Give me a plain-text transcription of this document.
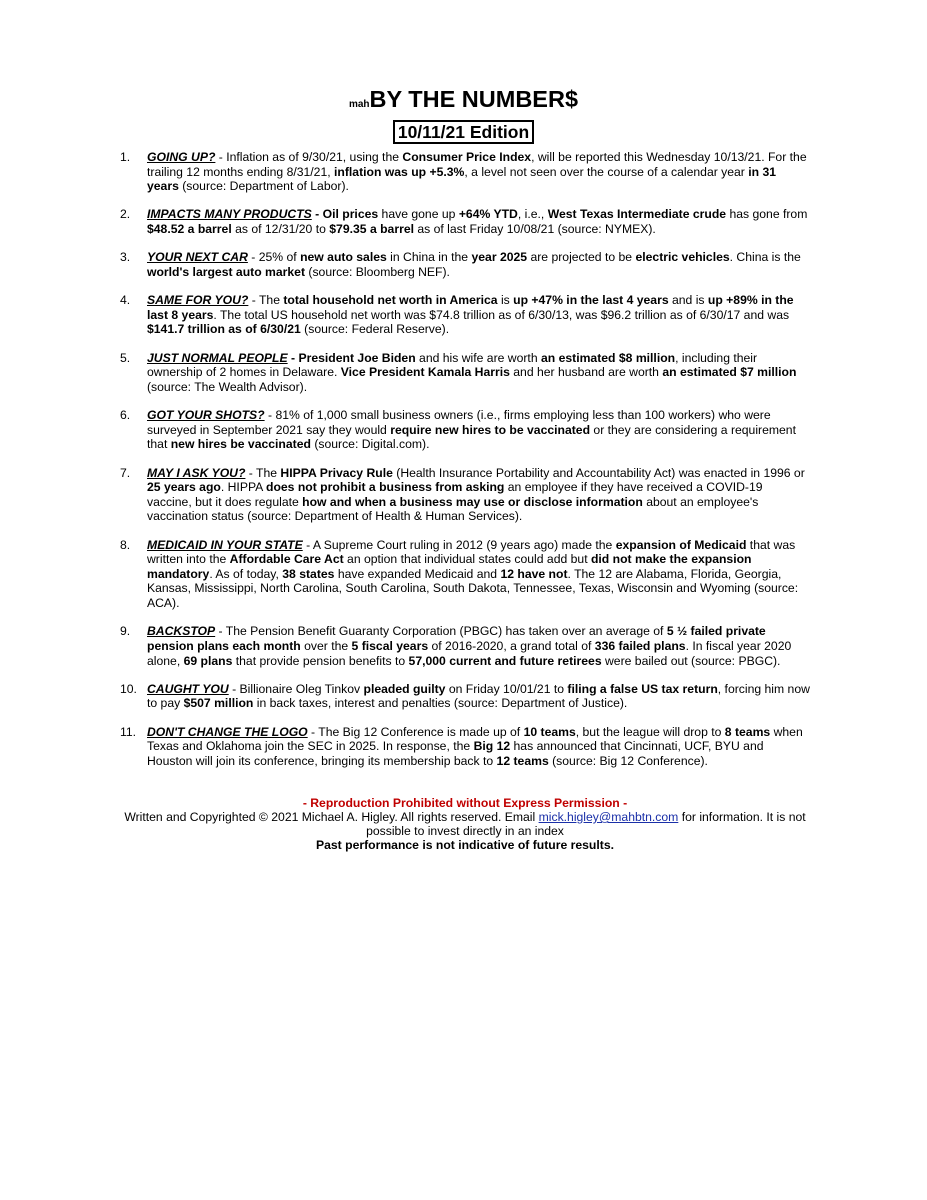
mahBY THE NUMBER$
10/11/21 Edition
1. GOING UP? - Inflation as of 9/30/21, using the Consumer Price Index, will be reported this Wednesday 10/13/21. For the trailing 12 months ending 8/31/21, inflation was up +5.3%, a level not seen over the course of a calendar year in 31 years (source: Department of Labor).
2. IMPACTS MANY PRODUCTS - Oil prices have gone up +64% YTD, i.e., West Texas Intermediate crude has gone from $48.52 a barrel as of 12/31/20 to $79.35 a barrel as of last Friday 10/08/21 (source: NYMEX).
3. YOUR NEXT CAR - 25% of new auto sales in China in the year 2025 are projected to be electric vehicles. China is the world's largest auto market (source: Bloomberg NEF).
4. SAME FOR YOU? - The total household net worth in America is up +47% in the last 4 years and is up +89% in the last 8 years. The total US household net worth was $74.8 trillion as of 6/30/13, was $96.2 trillion as of 6/30/17 and was $141.7 trillion as of 6/30/21 (source: Federal Reserve).
5. JUST NORMAL PEOPLE - President Joe Biden and his wife are worth an estimated $8 million, including their ownership of 2 homes in Delaware. Vice President Kamala Harris and her husband are worth an estimated $7 million (source: The Wealth Advisor).
6. GOT YOUR SHOTS? - 81% of 1,000 small business owners (i.e., firms employing less than 100 workers) who were surveyed in September 2021 say they would require new hires to be vaccinated or they are considering a requirement that new hires be vaccinated (source: Digital.com).
7. MAY I ASK YOU? - The HIPPA Privacy Rule (Health Insurance Portability and Accountability Act) was enacted in 1996 or 25 years ago. HIPPA does not prohibit a business from asking an employee if they have received a COVID-19 vaccine, but it does regulate how and when a business may use or disclose information about an employee's vaccination status (source: Department of Health & Human Services).
8. MEDICAID IN YOUR STATE - A Supreme Court ruling in 2012 (9 years ago) made the expansion of Medicaid that was written into the Affordable Care Act an option that individual states could add but did not make the expansion mandatory. As of today, 38 states have expanded Medicaid and 12 have not. The 12 are Alabama, Florida, Georgia, Kansas, Mississippi, North Carolina, South Carolina, South Dakota, Tennessee, Texas, Wisconsin and Wyoming (source: ACA).
9. BACKSTOP - The Pension Benefit Guaranty Corporation (PBGC) has taken over an average of 5 ½ failed private pension plans each month over the 5 fiscal years of 2016-2020, a grand total of 336 failed plans. In fiscal year 2020 alone, 69 plans that provide pension benefits to 57,000 current and future retirees were bailed out (source: PBGC).
10. CAUGHT YOU - Billionaire Oleg Tinkov pleaded guilty on Friday 10/01/21 to filing a false US tax return, forcing him now to pay $507 million in back taxes, interest and penalties (source: Department of Justice).
11. DON'T CHANGE THE LOGO - The Big 12 Conference is made up of 10 teams, but the league will drop to 8 teams when Texas and Oklahoma join the SEC in 2025. In response, the Big 12 has announced that Cincinnati, UCF, BYU and Houston will join its conference, bringing its membership back to 12 teams (source: Big 12 Conference).
- Reproduction Prohibited without Express Permission -
Written and Copyrighted © 2021 Michael A. Higley. All rights reserved. Email mick.higley@mahbtn.com for information. It is not possible to invest directly in an index
Past performance is not indicative of future results.
